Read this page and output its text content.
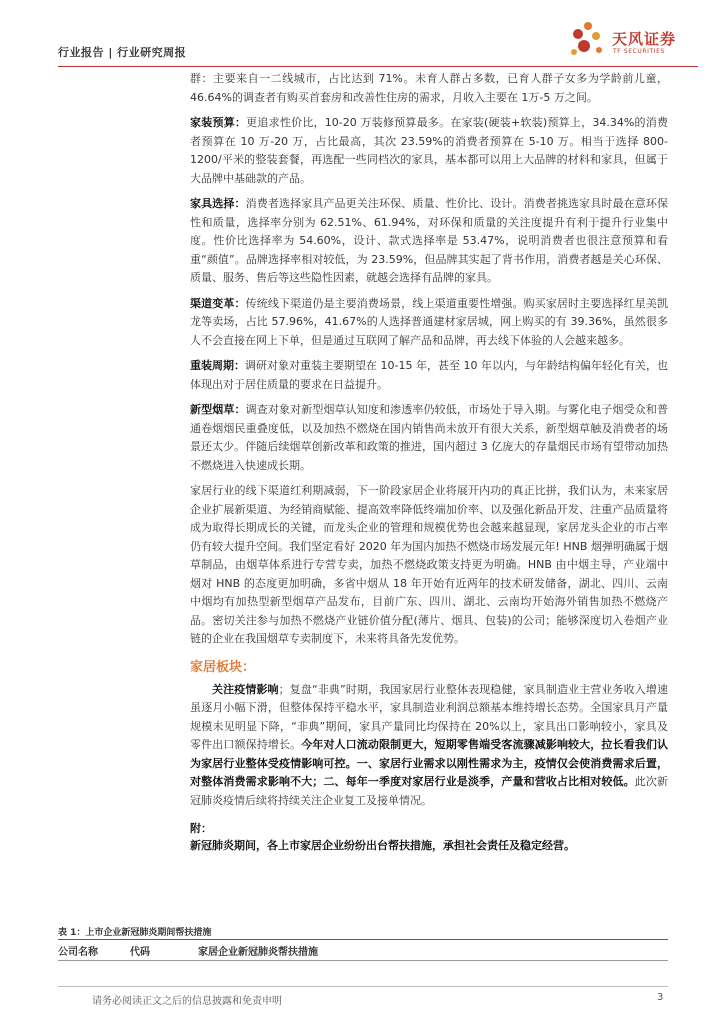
行业报告 | 行业研究周报
天风证券
TF SECURITIES

群：主要来自一二线城市，占比达到 71%。未育人群占多数，已育人群子女多为学龄前儿童，46.64%的调查者有购买首套房和改善性住房的需求，月收入主要在 1万-5 万之间。

家装预算：更追求性价比，10-20 万装修预算最多。在家装(硬装+软装)预算上，34.34%的消费者预算在 10 万-20 万，占比最高，其次 23.59%的消费者预算在 5-10 万。相当于选择 800-1200/平米的整装套餐，再选配一些同档次的家具，基本都可以用上大品牌的材料和家具，但属于大品牌中基础款的产品。

家具选择：消费者选择家具产品更关注环保、质量、性价比、设计。消费者挑选家具时最在意环保性和质量，选择率分别为 62.51%、61.94%，对环保和质量的关注度提升有利于提升行业集中度。性价比选择率为 54.60%，设计、款式选择率是 53.47%，说明消费者也很注意预算和看重“颜值”。品牌选择率相对较低，为 23.59%，但品牌其实起了背书作用，消费者越是关心环保、质量、服务、售后等这些隐性因素，就越会选择有品牌的家具。

渠道变革：传统线下渠道仍是主要消费场景，线上渠道重要性增强。购买家居时主要选择红星美凯龙等卖场，占比 57.96%，41.67%的人选择普通建材家居城，网上购买的有 39.36%，虽然很多人不会直接在网上下单，但是通过互联网了解产品和品牌，再去线下体验的人会越来越多。

重装周期：调研对象对重装主要期望在 10-15 年，甚至 10 年以内，与年龄结构偏年轻化有关，也体现出对于居住质量的要求在日益提升。

新型烟草：调查对象对新型烟草认知度和渗透率仍较低，市场处于导入期。与雾化电子烟受众和普通卷烟烟民重叠度低，以及加热不燃烧在国内销售尚未放开有很大关系，新型烟草触及消费者的场景还太少。伴随后续烟草创新改革和政策的推进，国内超过 3 亿庞大的存量烟民市场有望带动加热不燃烧进入快速成长期。

家居行业的线下渠道红利期减弱，下一阶段家居企业将展开内功的真正比拼，我们认为，未来家居企业扩展新渠道、为经销商赋能、提高效率降低终端加价率、以及强化新品开发、注重产品质量将成为取得长期成长的关键，而龙头企业的管理和规模优势也会越来越显现，家居龙头企业的市占率仍有较大提升空间。我们坚定看好 2020 年为国内加热不燃烧市场发展元年! HNB 烟弹明确属于烟草制品，由烟草体系进行专营专卖，加热不燃烧政策支持更为明确。HNB 由中烟主导，产业端中烟对 HNB 的态度更加明确，多省中烟从 18 年开始有近两年的技术研发储备，湖北、四川、云南中烟均有加热型新型烟草产品发布，目前广东、四川、湖北、云南均开始海外销售加热不燃烧产品。密切关注参与加热不燃烧产业链价值分配(薄片、烟具、包装)的公司；能够深度切入卷烟产业链的企业在我国烟草专卖制度下，未来将具备先发优势。

家居板块：

关注疫情影响；复盘“非典”时期，我国家居行业整体表现稳健，家具制造业主营业务收入增速虽逐月小幅下滑，但整体保持平稳水平，家具制造业利润总额基本维持增长态势。全国家具月产量规模未见明显下降，“非典”期间，家具产量同比均保持在 20%以上，家具出口影响较小，家具及零件出口额保持增长。今年对人口流动限制更大，短期零售端受客流骤减影响较大，拉长看我们认为家居行业整体受疫情影响可控。一、家居行业需求以刚性需求为主，疫情仅会使消费需求后置，对整体消费需求影响不大；二、每年一季度对家居行业是淡季，产量和营收占比相对较低。此次新冠肺炎疫情后续将持续关注企业复工及接单情况。

附：
新冠肺炎期间，各上市家居企业纷纷出台帮扶措施，承担社会责任及稳定经营。
表 1：上市企业新冠肺炎期间帮扶措施
公司名称	代码	家居企业新冠肺炎帮扶措施
请务必阅读正文之后的信息披露和免责申明	3
